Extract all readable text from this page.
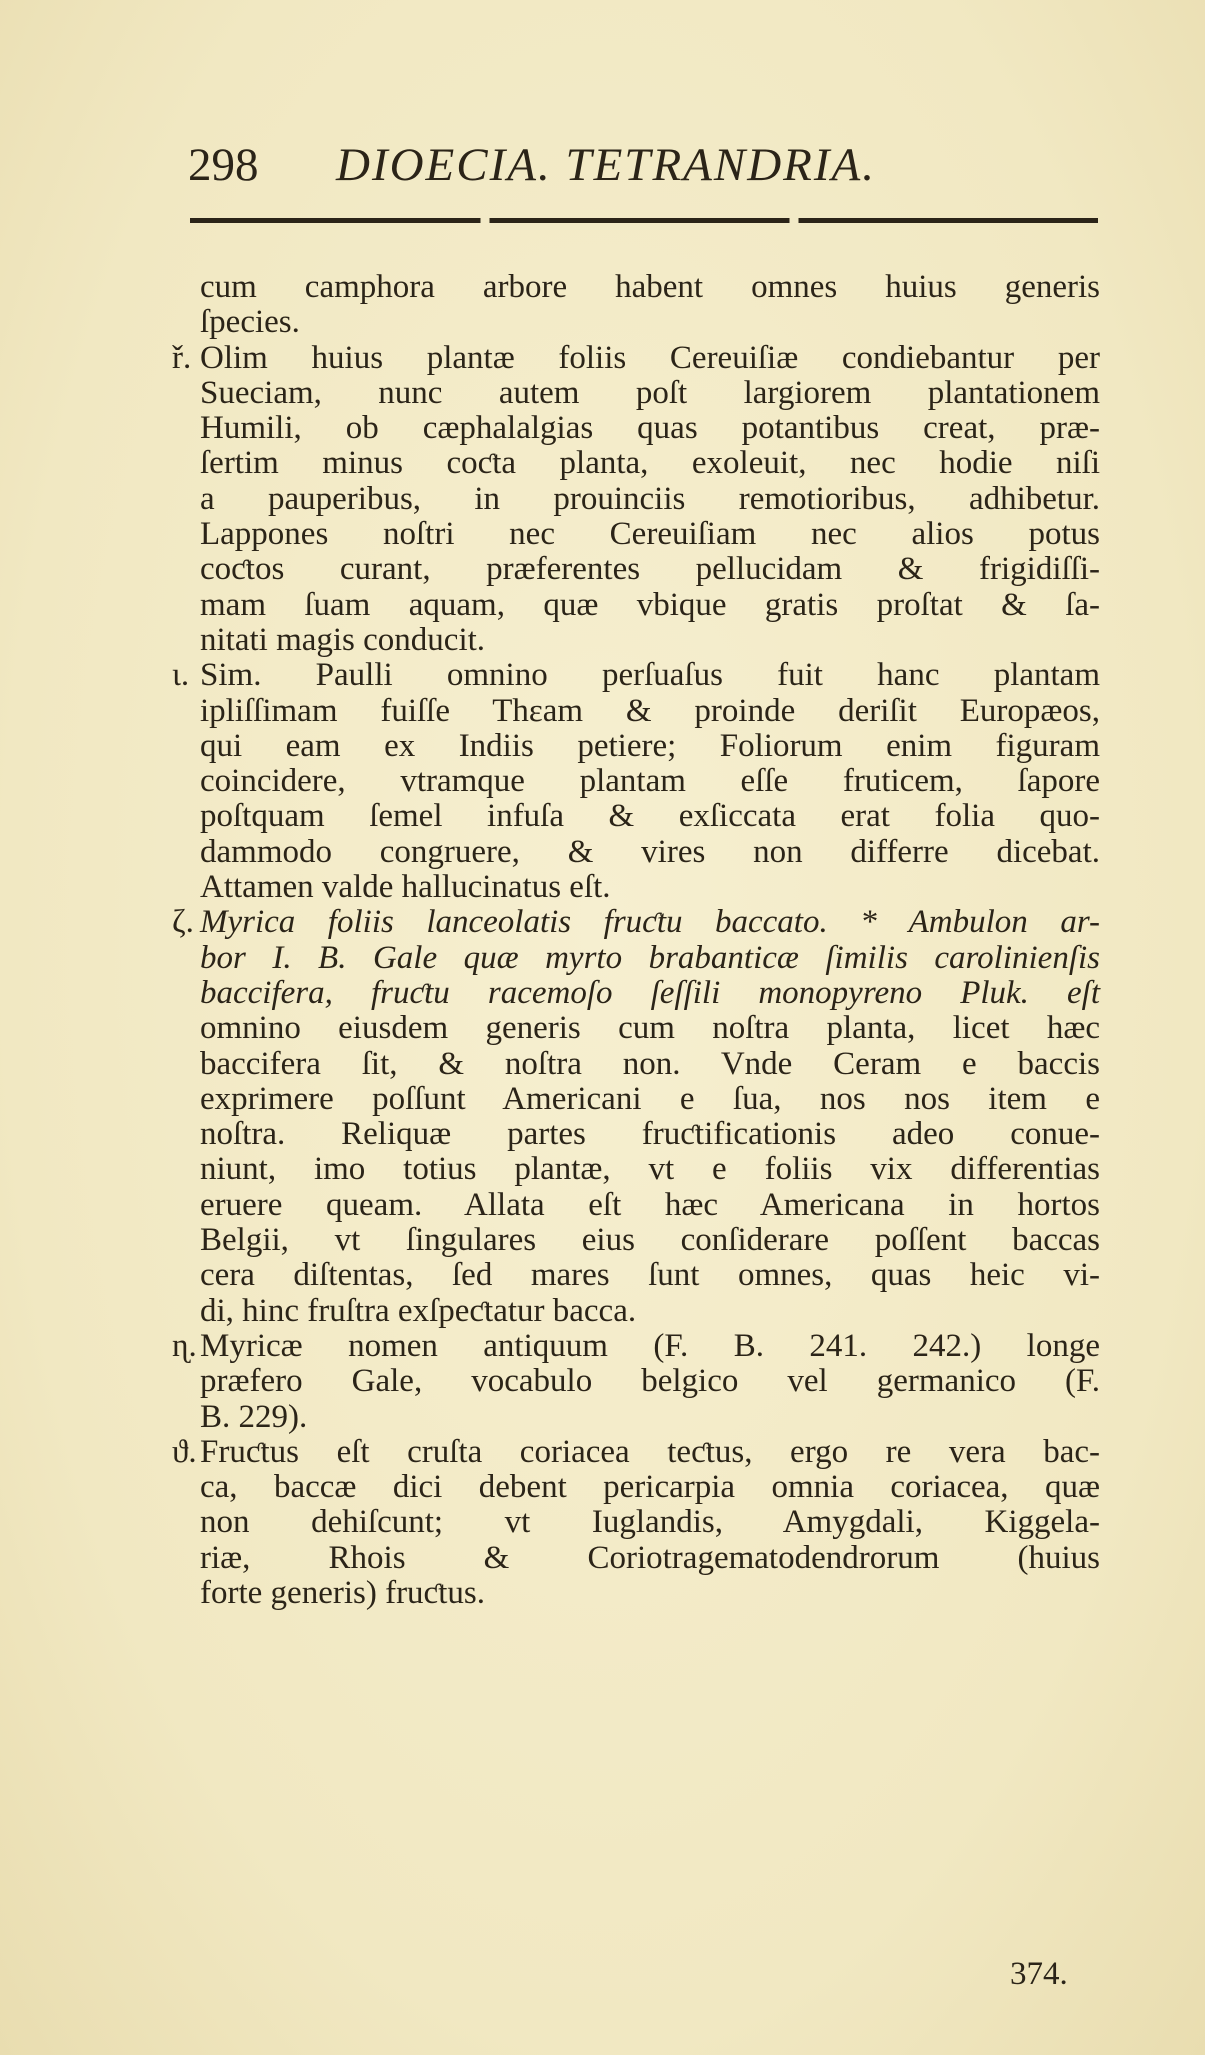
298 DIOECIA. TETRANDRIA.
cum camphora arbore habent omnes huius generis
ſpecies.
ř. Olim huius plantæ foliis Cereuiſiæ condiebantur per
Sueciam, nunc autem poſt largiorem plantationem
Humili, ob cæphalalgias quas potantibus creat, præ-
ſertim minus coƈta planta, exoleuit, nec hodie niſi
a pauperibus, in prouinciis remotioribus, adhibetur.
Lappones noſtri nec Cereuiſiam nec alios potus
coƈtos curant, præferentes pellucidam & frigidiſſi-
mam ſuam aquam, quæ vbique gratis proſtat & ſa-
nitati magis conducit.
ɩ. Sim. Paulli omnino perſuaſus fuit hanc plantam
ipliſſimam fuiſſe Thεam & proinde deriſit Europæos,
qui eam ex Indiis petiere; Foliorum enim figuram
coincidere, vtramque plantam eſſe fruticem, ſapore
poſtquam ſemel infuſa & exſiccata erat folia quo-
dammodo congruere, & vires non differre dicebat.
Attamen valde hallucinatus eſt.
ζ. Myrica foliis lanceolatis fruƈtu baccato. * Ambulon ar-
bor I. B. Gale quæ myrto brabanticæ ſimilis carolinienſis
baccifera, fruƈtu racemoſo ſeſſili monopyreno Pluk. eſt
omnino eiusdem generis cum noſtra planta, licet hæc
baccifera ſit, & noſtra non. Vnde Ceram e baccis
exprimere poſſunt Americani e ſua, nos nos item e
noſtra. Reliquæ partes fruƈtificationis adeo conue-
niunt, imo totius plantæ, vt e foliis vix differentias
eruere queam. Allata eſt hæc Americana in hortos
Belgii, vt ſingulares eius conſiderare poſſent baccas
cera diſtentas, ſed mares ſunt omnes, quas heic vi-
di, hinc fruſtra exſpeƈtatur bacca.
ɳ.Myricæ nomen antiquum (F. B. 241. 242.) longe
præfero Gale, vocabulo belgico vel germanico (F.
B. 229).
ϑ. Fruƈtus eſt cruſta coriacea teƈtus, ergo re vera bac-
ca, baccæ dici debent pericarpia omnia coriacea, quæ
non dehiſcunt; vt Iuglandis, Amygdali, Kiggela-
riæ, Rhois & Coriotragematodendrorum (huius
forte generis) fruƈtus.
374.
